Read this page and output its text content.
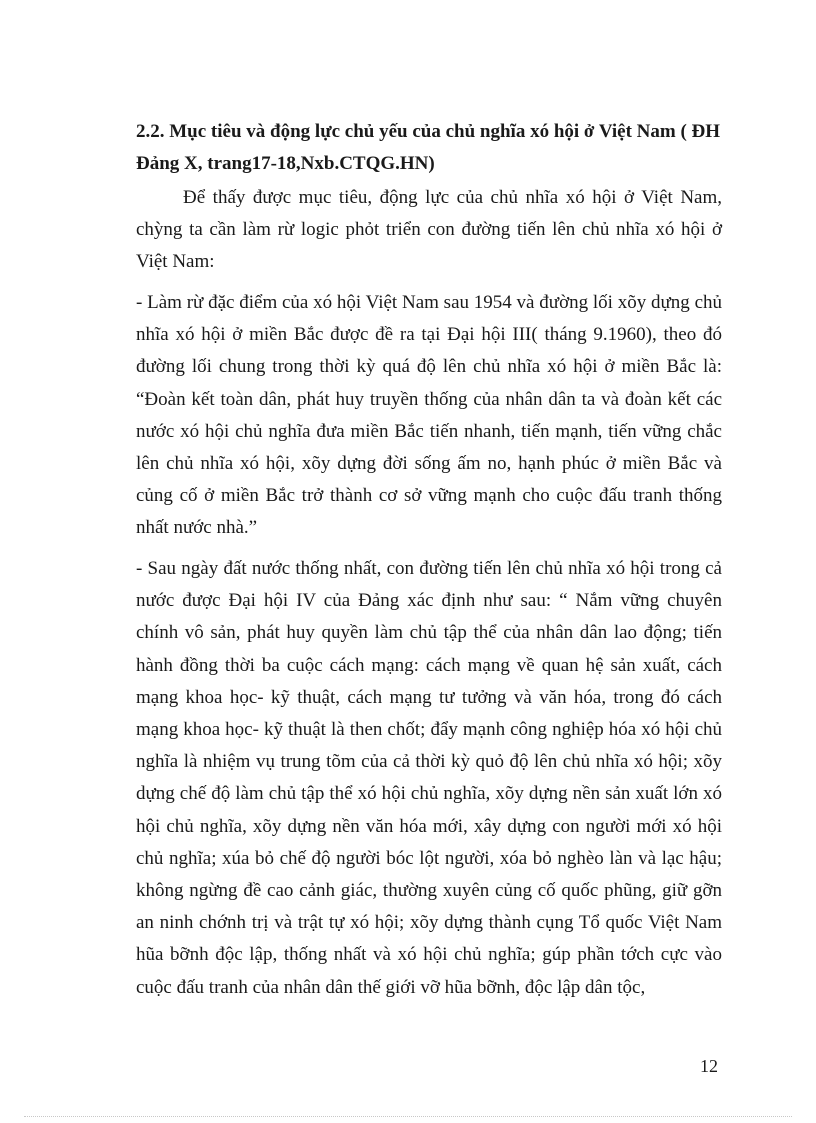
2.2. Mục tiêu và động lực chủ yếu của chủ nghĩa xó hội ở Việt Nam ( ĐH Đảng X, trang17-18,Nxb.CTQG.HN)

Để thấy được mục tiêu, động lực của chủ nhĩa xó hội ở Việt Nam, chỳng ta cần làm rừ logic phỏt triển con đường tiến lên chủ nhĩa xó hội ở Việt Nam:

- Làm rừ đặc điểm của xó hội Việt Nam sau 1954 và đường lối xõy dựng chủ nhĩa xó hội ở miền Bắc được đề ra tại Đại hội III( tháng 9.1960), theo đó đường lối chung trong thời kỳ quá độ lên chủ nhĩa xó hội ở miền Bắc là: “Đoàn kết toàn dân, phát huy truyền thống của nhân dân ta và đoàn kết các nước xó hội chủ nghĩa đưa miền Bắc tiến nhanh, tiến mạnh, tiến vững chắc lên chủ nhĩa xó hội, xõy dựng đời sống ấm no, hạnh phúc ở miền Bắc và củng cố ở miền Bắc trở thành cơ sở vững mạnh cho cuộc đấu tranh thống nhất nước nhà.”

- Sau ngày đất nước thống nhất, con đường tiến lên chủ nhĩa xó hội trong cả nước được Đại hội IV của Đảng xác định như sau: “ Nắm vững chuyên chính vô sản, phát huy quyền làm chủ tập thể của nhân dân lao động; tiến hành đồng thời ba cuộc cách mạng: cách mạng về quan hệ sản xuất, cách mạng khoa học- kỹ thuật, cách mạng tư tưởng và văn hóa, trong đó cách mạng khoa học- kỹ thuật là then chốt; đẩy mạnh công nghiệp hóa xó hội chủ nghĩa là nhiệm vụ trung tõm của cả thời kỳ quỏ độ lên chủ nhĩa xó hội; xõy dựng chế độ làm chủ tập thể xó hội chủ nghĩa, xõy dựng nền sản xuất lớn xó hội chủ nghĩa, xõy dựng nền văn hóa mới, xây dựng con người mới xó hội chủ nghĩa; xúa bỏ chế độ người bóc lột người, xóa bỏ nghèo làn và lạc hậu; không ngừng đề cao cảnh giác, thường xuyên củng cố quốc phũng, giữ gỡn an ninh chớnh trị và trật tự xó hội; xõy dựng thành cụng Tổ quốc Việt Nam hũa bỡnh độc lập, thống nhất và xó hội chủ nghĩa; gúp phần tớch cực vào cuộc đấu tranh của nhân dân thế giới vỡ hũa bỡnh, độc lập dân tộc,

12
